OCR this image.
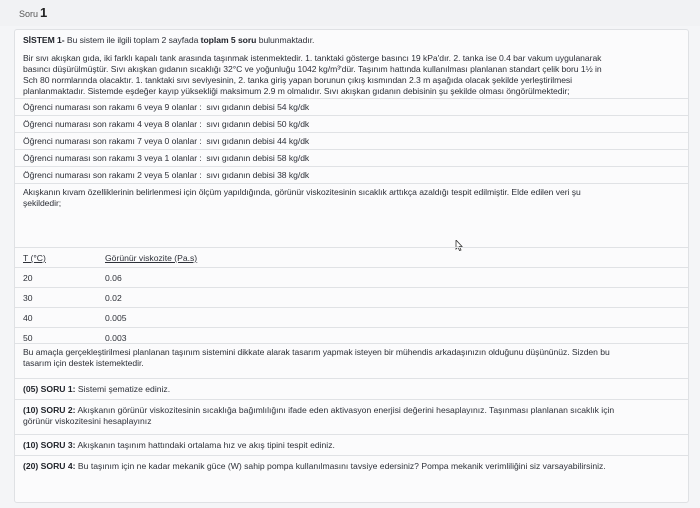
Soru 1
SİSTEM 1- Bu sistem ile ilgili toplam 2 sayfada toplam 5 soru bulunmaktadır.
Bir sıvı akışkan gıda, iki farklı kapalı tank arasında taşınmak istenmektedir. 1. tanktaki gösterge basıncı 19 kPa'dır. 2. tanka ise 0.4 bar vakum uygulanarak
basıncı düşürülmüştür. Sıvı akışkan gıdanın sıcaklığı 32°C ve yoğunluğu 1042 kg/m³'dür. Taşınım hattında kullanılması planlanan standart çelik boru 1½ in
Sch 80 normlarında olacaktır. 1. tanktaki sıvı seviyesinin, 2. tanka giriş yapan borunun çıkış kısmından 2.3 m aşağıda olacak şekilde yerleştirilmesi
planlanmaktadır. Sistemde eşdeğer kayıp yüksekliği maksimum 2.9 m olmalıdır. Sıvı akışkan gıdanın debisinin şu şekilde olması öngörülmektedir;
Öğrenci numarası son rakamı 6 veya 9 olanlar : sıvı gıdanın debisi 54 kg/dk
Öğrenci numarası son rakamı 4 veya 8 olanlar : sıvı gıdanın debisi 50 kg/dk
Öğrenci numarası son rakamı 7 veya 0 olanlar : sıvı gıdanın debisi 44 kg/dk
Öğrenci numarası son rakamı 3 veya 1 olanlar : sıvı gıdanın debisi 58 kg/dk
Öğrenci numarası son rakamı 2 veya 5 olanlar : sıvı gıdanın debisi 38 kg/dk
Akışkanın kıvam özelliklerinin belirlenmesi için ölçüm yapıldığında, görünür viskozitesinin sıcaklık arttıkça azaldığı tespit edilmiştir. Elde edilen veri şu
şekildedir;
T (°C)	Görünür viskozite (Pa.s)
20	0.06
30	0.02
40	0.005
50	0.003
Bu amaçla gerçekleştirilmesi planlanan taşınım sistemini dikkate alarak tasarım yapmak isteyen bir mühendis arkadaşınızın olduğunu düşününüz. Sizden bu
tasarım için destek istemektedir.
(05) SORU 1: Sistemi şematize ediniz.
(10) SORU 2: Akışkanın görünür viskozitesinin sıcaklığa bağımlılığını ifade eden aktivasyon enerjisi değerini hesaplayınız. Taşınması planlanan sıcaklık için
görünür viskozitesini hesaplayınız
(10) SORU 3: Akışkanın taşınım hattındaki ortalama hız ve akış tipini tespit ediniz.
(20) SORU 4: Bu taşınım için ne kadar mekanik güce (W) sahip pompa kullanılmasını tavsiye edersiniz? Pompa mekanik verimliliğini siz varsayabilirsiniz.
